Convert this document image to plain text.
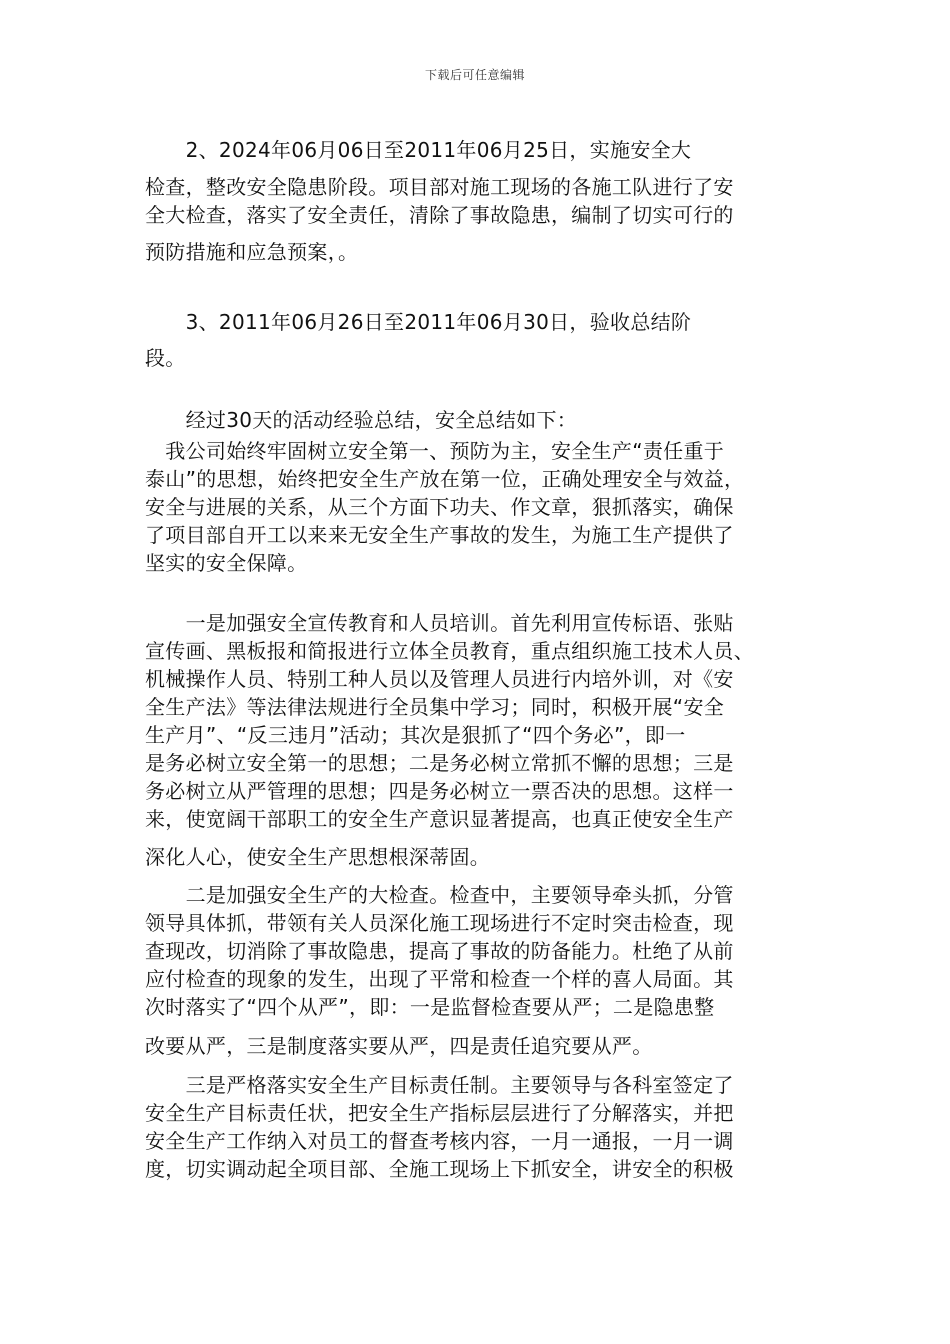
下载后可任意编辑
　　2、2024年06月06日至2011年06月25日，实施安全大
检查，整改安全隐患阶段。项目部对施工现场的各施工队进行了安
全大检查，落实了安全责任，清除了事故隐患，编制了切实可行的
预防措施和应急预案，。
　　3、2011年06月26日至2011年06月30日，验收总结阶
段。
　　经过30天的活动经验总结，安全总结如下：
　我公司始终牢固树立安全第一、预防为主，安全生产“责任重于
泰山”的思想，始终把安全生产放在第一位，正确处理安全与效益，
安全与进展的关系，从三个方面下功夫、作文章，狠抓落实，确保
了项目部自开工以来来无安全生产事故的发生，为施工生产提供了
坚实的安全保障。
　　一是加强安全宣传教育和人员培训。首先利用宣传标语、张贴
宣传画、黑板报和简报进行立体全员教育，重点组织施工技术人员、
机械操作人员、特别工种人员以及管理人员进行内培外训，对《安
全生产法》等法律法规进行全员集中学习；同时，积极开展“安全
生产月”、“反三违月”活动；其次是狠抓了“四个务必”，即一
是务必树立安全第一的思想；二是务必树立常抓不懈的思想；三是
务必树立从严管理的思想；四是务必树立一票否决的思想。这样一
来，使宽阔干部职工的安全生产意识显著提高，也真正使安全生产
深化人心，使安全生产思想根深蒂固。
　　二是加强安全生产的大检查。检查中，主要领导牵头抓，分管
领导具体抓，带领有关人员深化施工现场进行不定时突击检查，现
查现改，切消除了事故隐患，提高了事故的防备能力。杜绝了从前
应付检查的现象的发生，出现了平常和检查一个样的喜人局面。其
次时落实了“四个从严”，即：一是监督检查要从严；二是隐患整
改要从严，三是制度落实要从严，四是责任追究要从严。
　　三是严格落实安全生产目标责任制。主要领导与各科室签定了
安全生产目标责任状，把安全生产指标层层进行了分解落实，并把
安全生产工作纳入对员工的督查考核内容，一月一通报，一月一调
度，切实调动起全项目部、全施工现场上下抓安全，讲安全的积极
